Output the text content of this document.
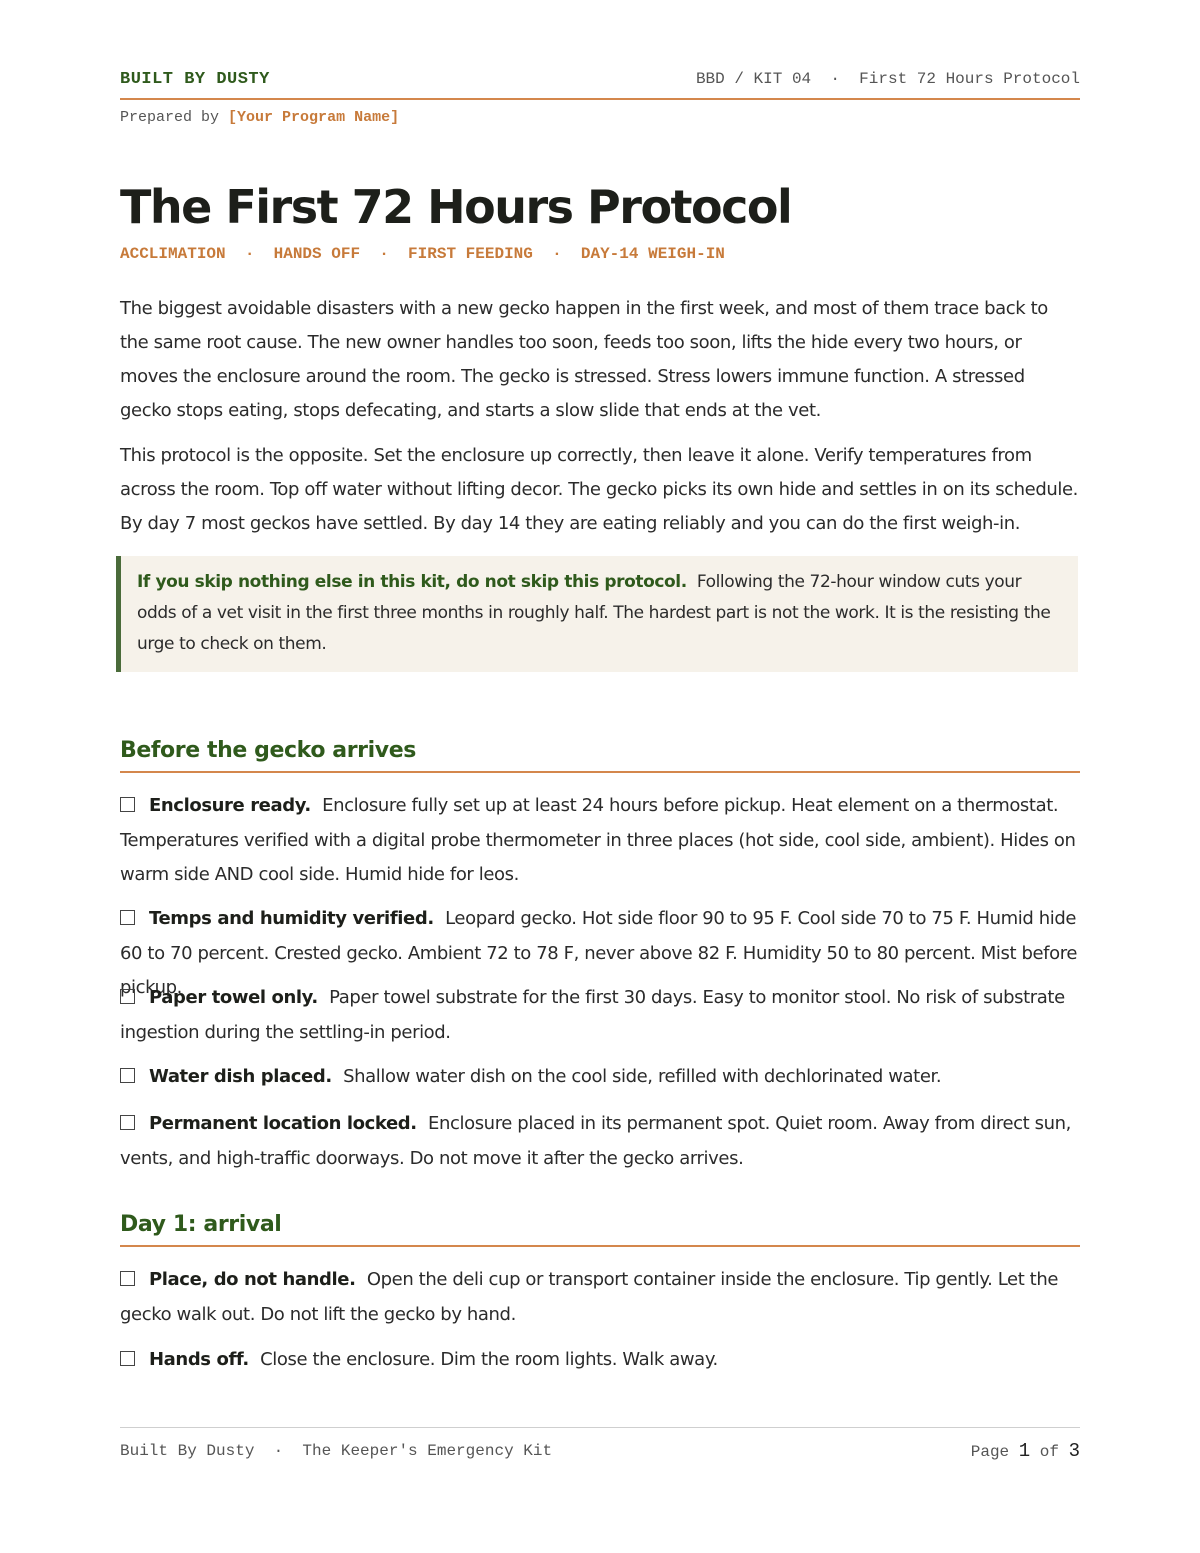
BUILT BY DUSTY	BBD / KIT 04  ·  First 72 Hours Protocol
Prepared by [Your Program Name]
The First 72 Hours Protocol
ACCLIMATION  ·  HANDS OFF  ·  FIRST FEEDING  ·  DAY-14 WEIGH-IN

The biggest avoidable disasters with a new gecko happen in the first week, and most of them trace back to the same root cause. The new owner handles too soon, feeds too soon, lifts the hide every two hours, or moves the enclosure around the room. The gecko is stressed. Stress lowers immune function. A stressed gecko stops eating, stops defecating, and starts a slow slide that ends at the vet.

This protocol is the opposite. Set the enclosure up correctly, then leave it alone. Verify temperatures from across the room. Top off water without lifting decor. The gecko picks its own hide and settles in on its schedule. By day 7 most geckos have settled. By day 14 they are eating reliably and you can do the first weigh-in.

If you skip nothing else in this kit, do not skip this protocol. Following the 72-hour window cuts your odds of a vet visit in the first three months in roughly half. The hardest part is not the work. It is the resisting the urge to check on them.

Before the gecko arrives

Enclosure ready. Enclosure fully set up at least 24 hours before pickup. Heat element on a thermostat. Temperatures verified with a digital probe thermometer in three places (hot side, cool side, ambient). Hides on warm side AND cool side. Humid hide for leos.

Temps and humidity verified. Leopard gecko. Hot side floor 90 to 95 F. Cool side 70 to 75 F. Humid hide 60 to 70 percent. Crested gecko. Ambient 72 to 78 F, never above 82 F. Humidity 50 to 80 percent. Mist before pickup.

Paper towel only. Paper towel substrate for the first 30 days. Easy to monitor stool. No risk of substrate ingestion during the settling-in period.

Water dish placed. Shallow water dish on the cool side, refilled with dechlorinated water.

Permanent location locked. Enclosure placed in its permanent spot. Quiet room. Away from direct sun, vents, and high-traffic doorways. Do not move it after the gecko arrives.

Day 1: arrival

Place, do not handle. Open the deli cup or transport container inside the enclosure. Tip gently. Let the gecko walk out. Do not lift the gecko by hand.

Hands off. Close the enclosure. Dim the room lights. Walk away.

Built By Dusty  ·  The Keeper's Emergency Kit	Page 1 of 3
